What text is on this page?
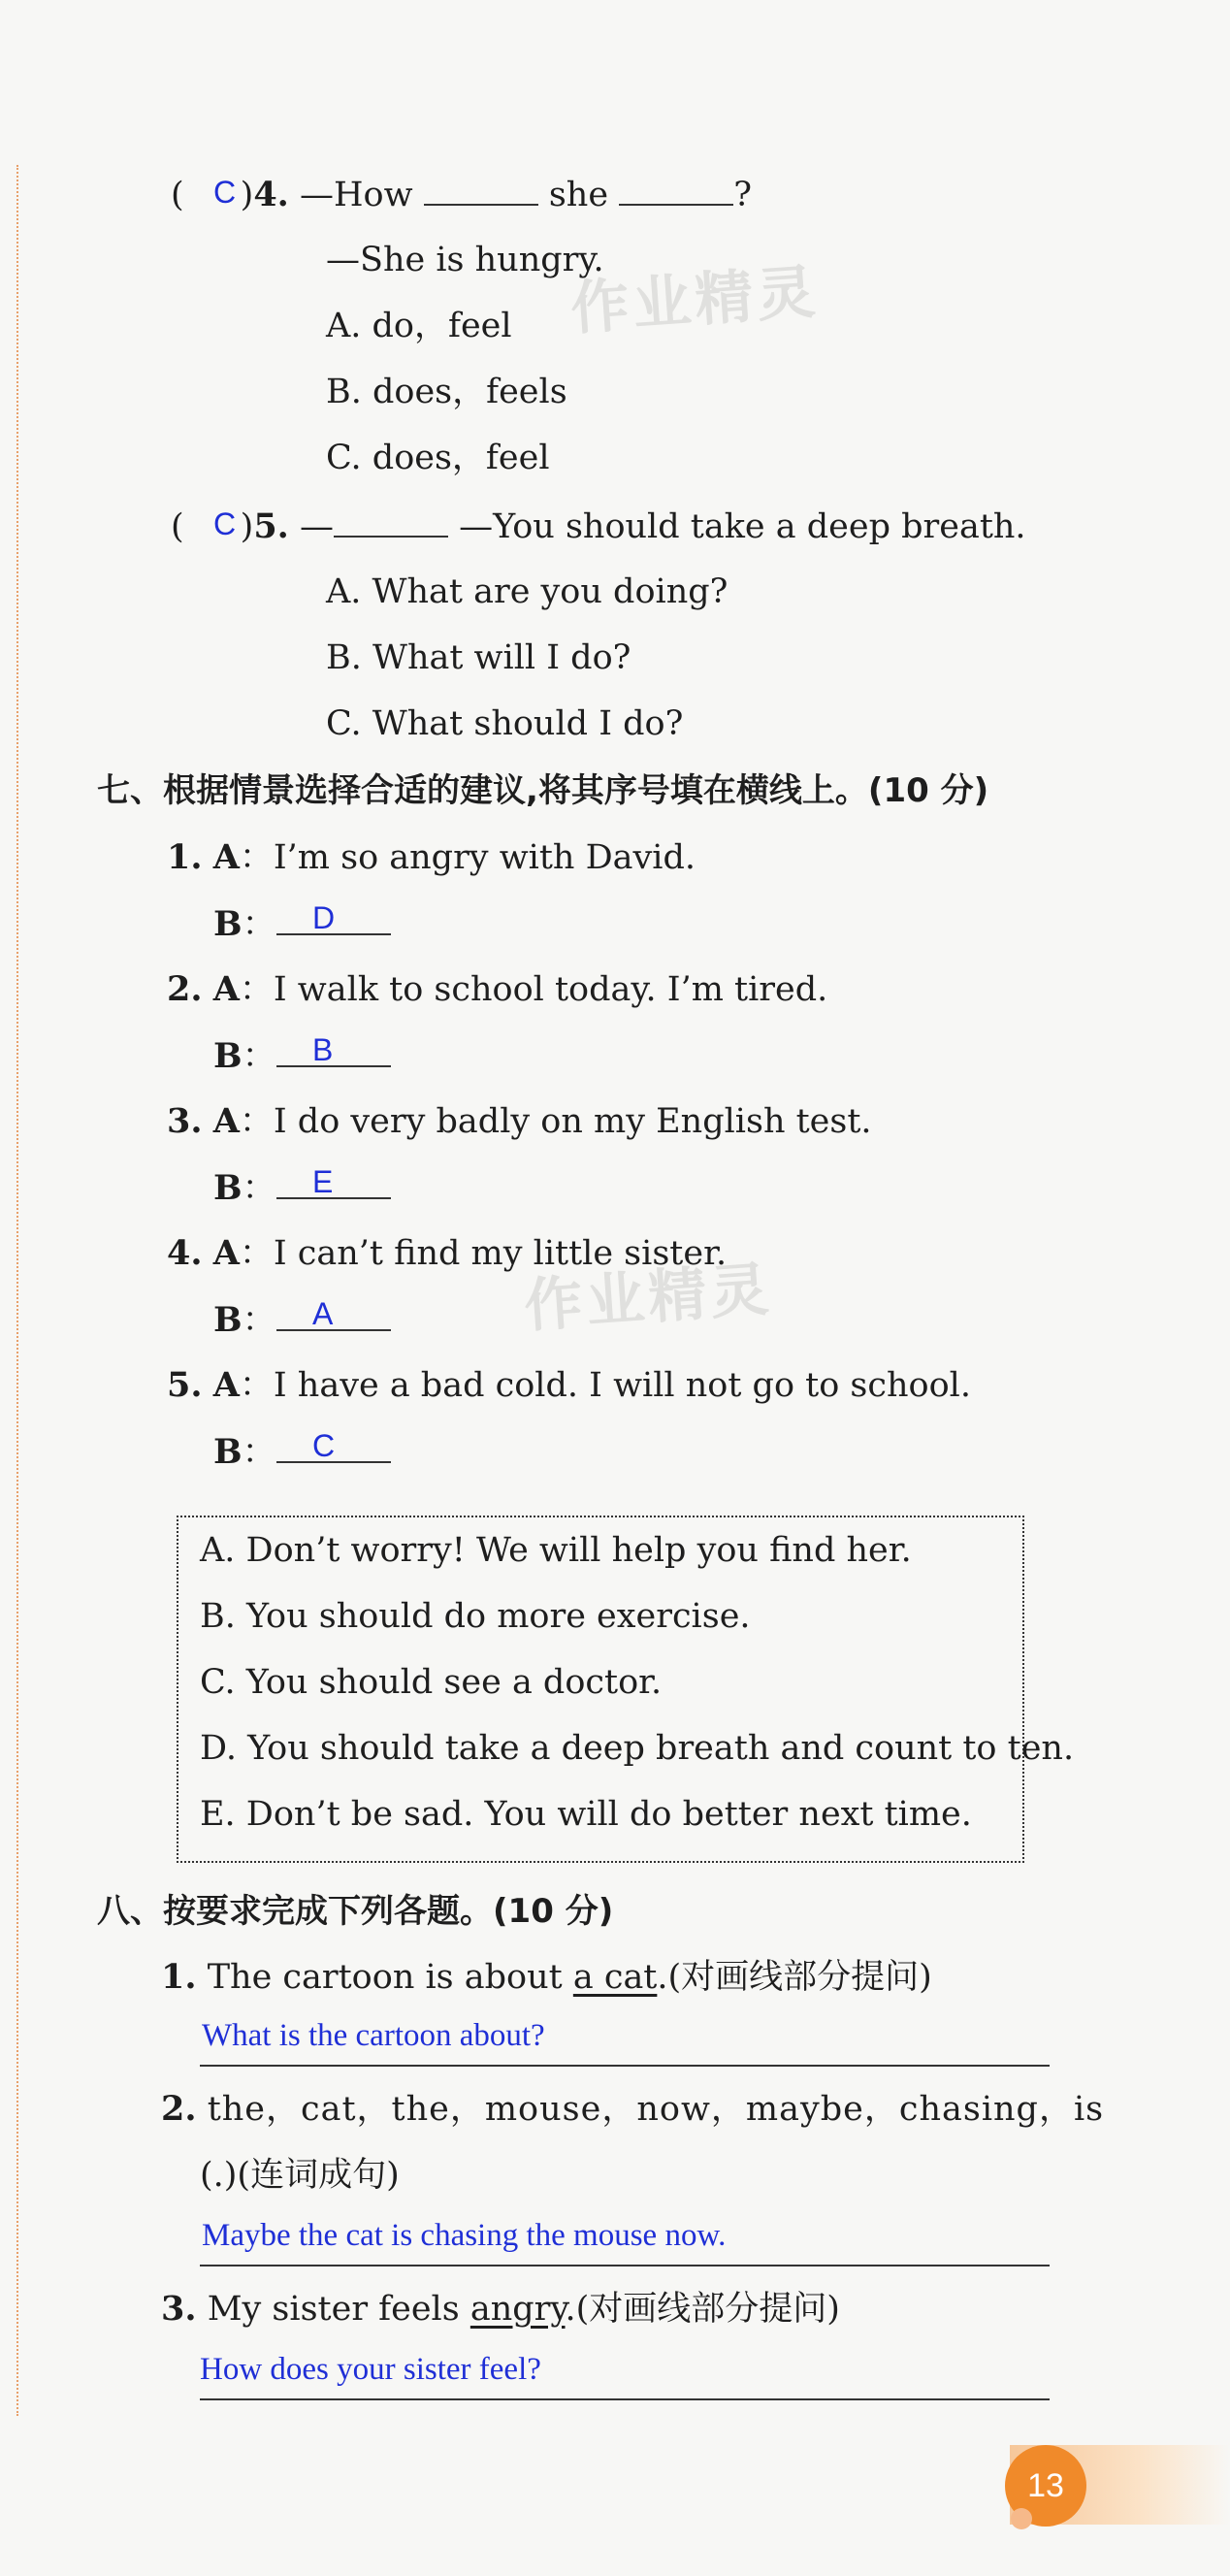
作业精灵
作业精灵
( )4. —How	she	?
C
—She is hungry.
A. do，feel
B. does，feels
C. does，feel
( )5. —	—You should take a deep breath.
C
A. What are you doing?
B. What will I do?
C. What should I do?
七、根据情景选择合适的建议,将其序号填在横线上。(10 分)
1. A：I’m so angry with David.
B：	D
2. A：I walk to school today. I’m tired.
B：	B
3. A：I do very badly on my English test.
B：	E
4. A：I can’t find my little sister.
B：	A
5. A：I have a bad cold. I will not go to school.
B：	C
A. Don’t worry! We will help you find her.
B. You should do more exercise.
C. You should see a doctor.
D. You should take a deep breath and count to ten.
E. Don’t be sad. You will do better next time.
八、按要求完成下列各题。(10 分)
1. The cartoon is about a cat.(对画线部分提问)
What is the cartoon about?
2. the，cat，the，mouse，now，maybe，chasing，is
(.)(连词成句)
Maybe the cat is chasing the mouse now.
3. My sister feels angry.(对画线部分提问)
How does your sister feel?
13
